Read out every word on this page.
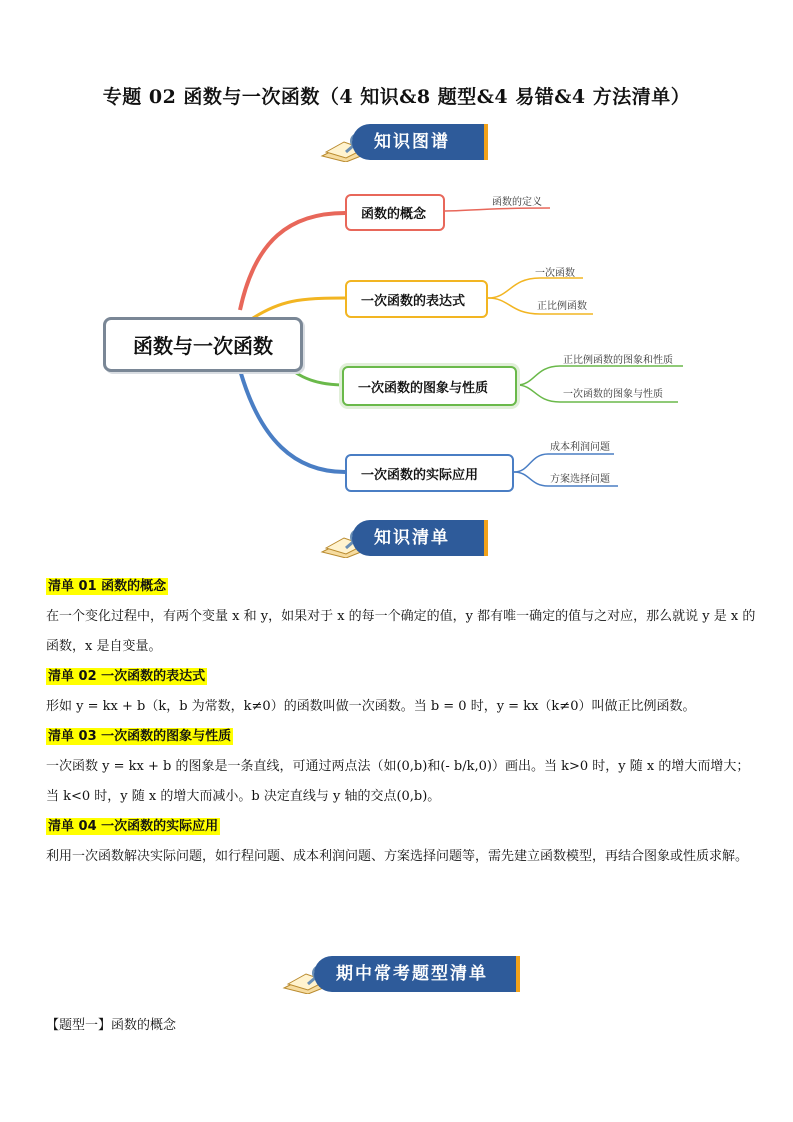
专题 02 函数与一次函数（4 知识&8 题型&4 易错&4 方法清单）
知识图谱
函数与一次函数
函数的概念
一次函数的表达式
一次函数的图象与性质
一次函数的实际应用
函数的定义
一次函数
正比例函数
正比例函数的图象和性质
一次函数的图象与性质
成本利润问题
方案选择问题
知识清单
清单 01 函数的概念
在一个变化过程中，有两个变量 x 和 y，如果对于 x 的每一个确定的值，y 都有唯一确定的值与之对应，那么就说 y 是 x 的函数，x 是自变量。
清单 02 一次函数的表达式
形如 y = kx + b（k，b 为常数，k≠0）的函数叫做一次函数。当 b = 0 时，y = kx（k≠0）叫做正比例函数。
清单 03 一次函数的图象与性质
一次函数 y = kx + b 的图象是一条直线，可通过两点法（如(0,b)和(- b/k,0)）画出。当 k>0 时，y 随 x 的增大而增大；当 k<0 时，y 随 x 的增大而减小。b 决定直线与 y 轴的交点(0,b)。
清单 04 一次函数的实际应用
利用一次函数解决实际问题，如行程问题、成本利润问题、方案选择问题等，需先建立函数模型，再结合图象或性质求解。
期中常考题型清单
【题型一】函数的概念
